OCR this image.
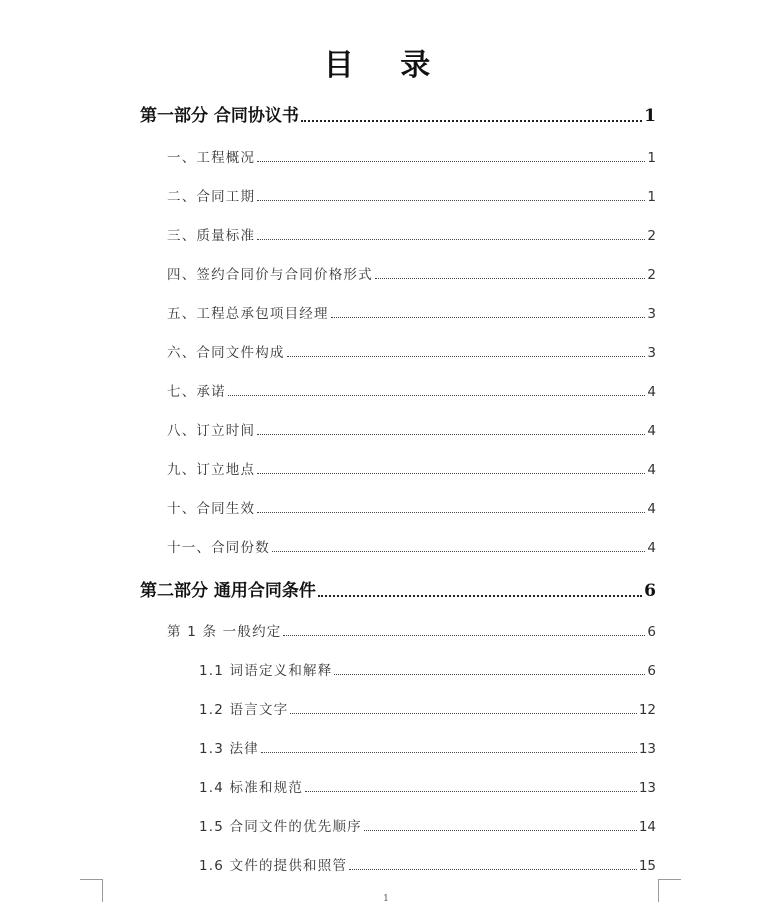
目 录
第一部分 合同协议书	1
一、工程概况	1
二、合同工期	1
三、质量标准	2
四、签约合同价与合同价格形式	2
五、工程总承包项目经理	3
六、合同文件构成	3
七、承诺	4
八、订立时间	4
九、订立地点	4
十、合同生效	4
十一、合同份数	4
第二部分 通用合同条件	6
第 1 条 一般约定	6
1.1 词语定义和解释	6
1.2 语言文字	12
1.3 法律	13
1.4 标准和规范	13
1.5 合同文件的优先顺序	14
1.6 文件的提供和照管	15
1
